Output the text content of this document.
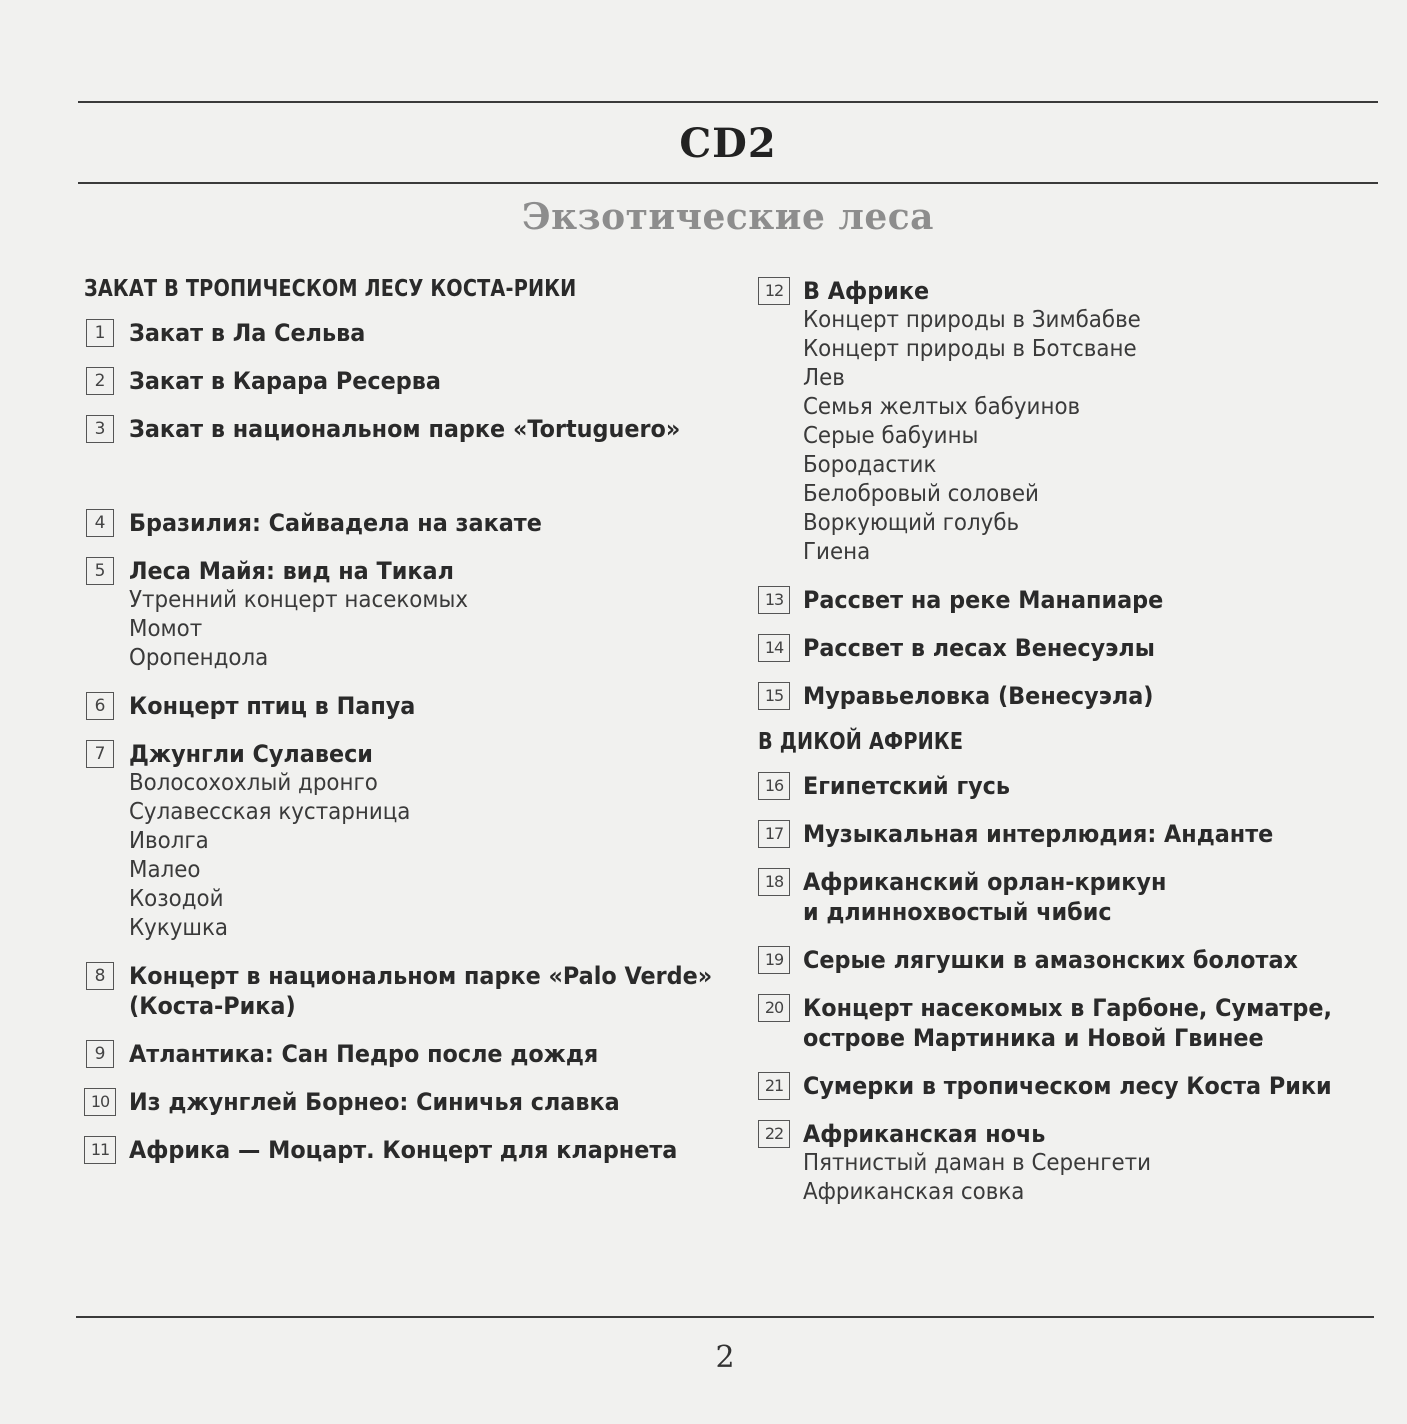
CD2
Экзотические леса
ЗАКАТ В ТРОПИЧЕСКОМ ЛЕСУ КОСТА-РИКИ
1 Закат в Ла Сельва
2 Закат в Карара Ресерва
3 Закат в национальном парке «Tortuguero»
4 Бразилия: Сайвадела на закате
5 Леса Майя: вид на Тикал
Утренний концерт насекомых
Момот
Оропендола
6 Концерт птиц в Папуа
7 Джунгли Сулавеси
Волосохохлый дронго
Сулавесская кустарница
Иволга
Малео
Козодой
Кукушка
8 Концерт в национальном парке «Palo Verde»
(Коста-Рика)
9 Атлантика: Сан Педро после дождя
10 Из джунглей Борнео: Синичья славка
11 Африка — Моцарт. Концерт для кларнета
12 В Африке
Концерт природы в Зимбабве
Концерт природы в Ботсване
Лев
Семья желтых бабуинов
Серые бабуины
Бородастик
Белобровый соловей
Воркующий голубь
Гиена
13 Рассвет на реке Манапиаре
14 Рассвет в лесах Венесуэлы
15 Муравьеловка (Венесуэла)
В ДИКОЙ АФРИКЕ
16 Египетский гусь
17 Музыкальная интерлюдия: Анданте
18 Африканский орлан-крикун
и длиннохвостый чибис
19 Серые лягушки в амазонских болотах
20 Концерт насекомых в Гарбоне, Суматре,
острове Мартиника и Новой Гвинее
21 Сумерки в тропическом лесу Коста Рики
22 Африканская ночь
Пятнистый даман в Серенгети
Африканская совка
2
